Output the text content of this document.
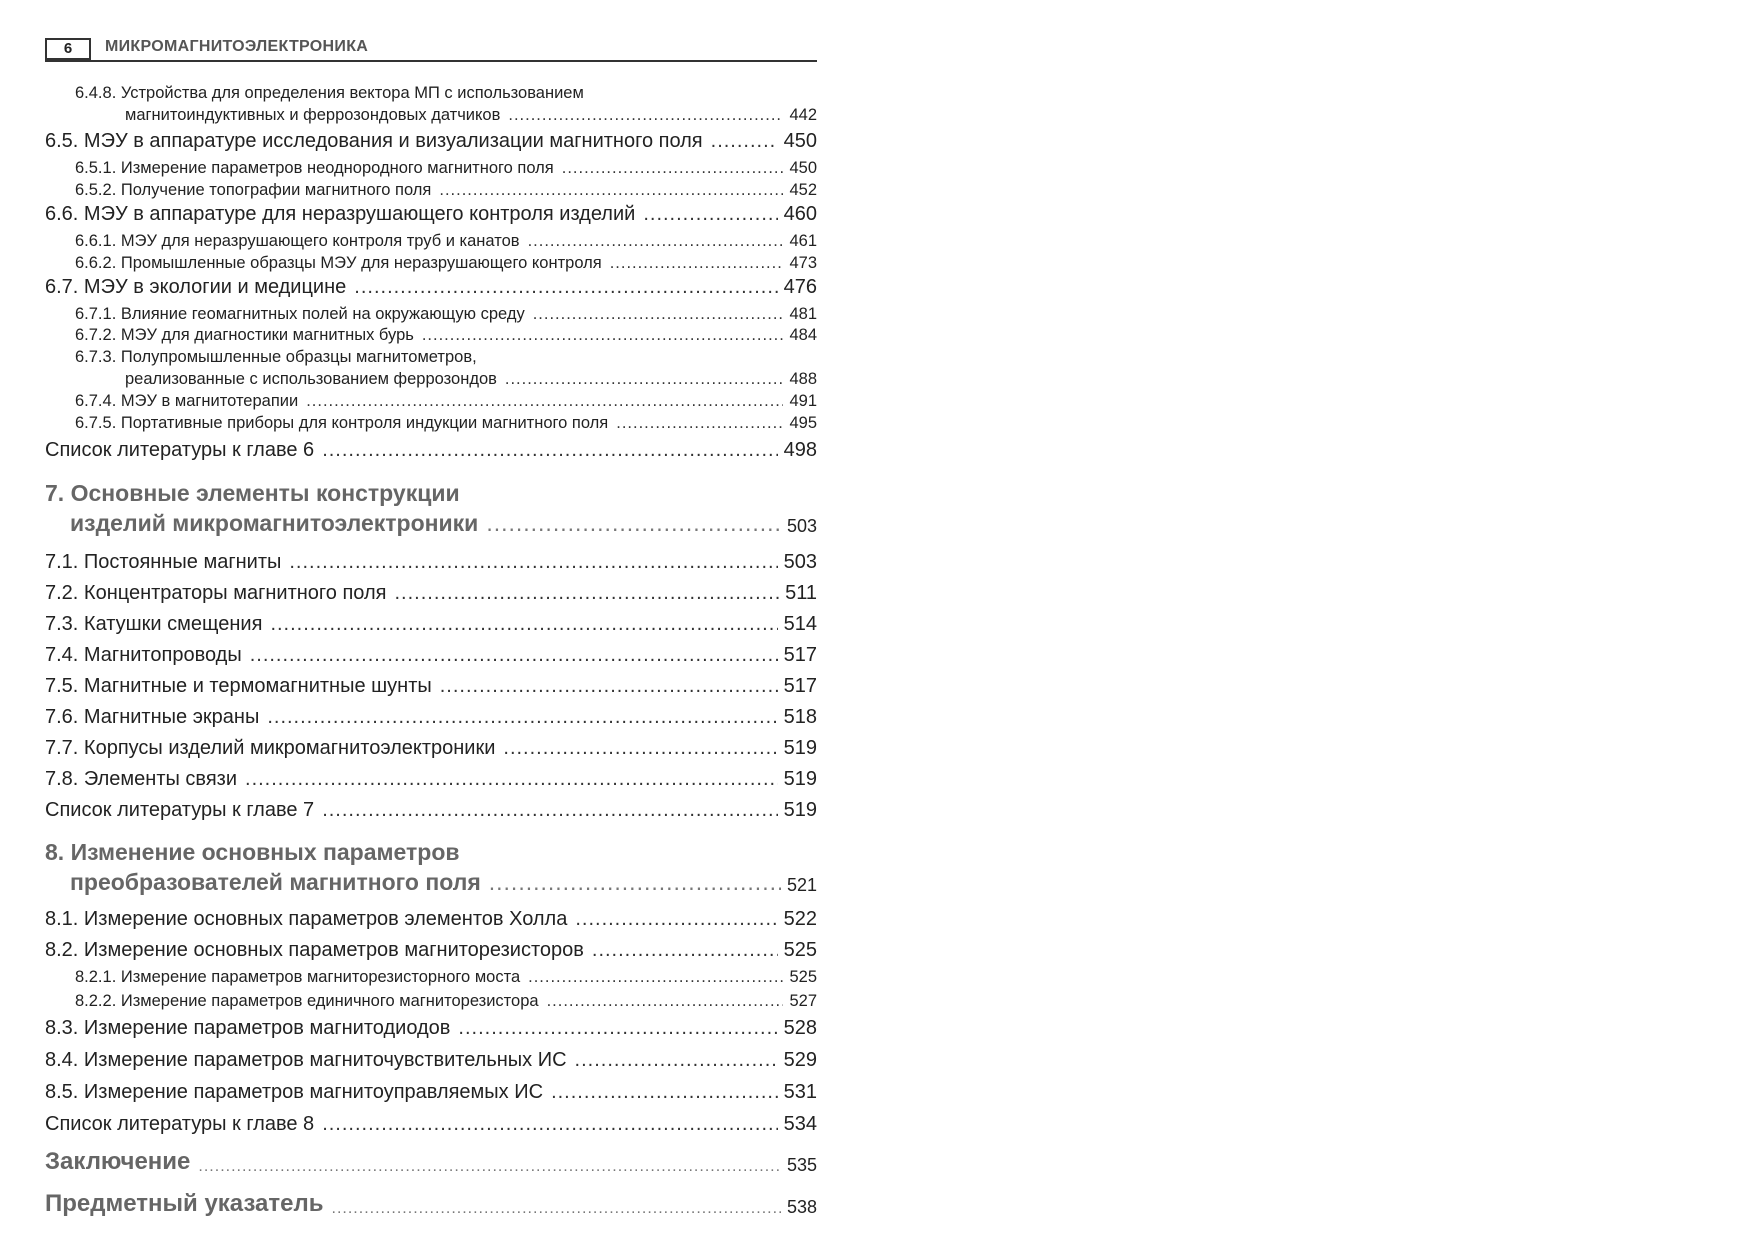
6	МИКРОМАГНИТОЭЛЕКТРОНИКА
6.4.8. Устройства для определения вектора МП с использованием
магнитоиндуктивных и феррозондовых датчиков .....	442
6.5. МЭУ в аппаратуре исследования и визуализации магнитного поля .....	450
6.5.1. Измерение параметров неоднородного магнитного поля .....	450
6.5.2. Получение топографии магнитного поля .....	452
6.6. МЭУ в аппаратуре для неразрушающего контроля изделий .....	460
6.6.1. МЭУ для неразрушающего контроля труб и канатов .....	461
6.6.2. Промышленные образцы МЭУ для неразрушающего контроля .....	473
6.7. МЭУ в экологии и медицине .....	476
6.7.1. Влияние геомагнитных полей на окружающую среду .....	481
6.7.2. МЭУ для диагностики магнитных бурь .....	484
6.7.3. Полупромышленные образцы магнитометров,
реализованные с использованием феррозондов .....	488
6.7.4. МЭУ в магнитотерапии .....	491
6.7.5. Портативные приборы для контроля индукции магнитного поля .....	495
Список литературы к главе 6 .....	498
7. Основные элементы конструкции
изделий микромагнитоэлектроники .....	503
7.1. Постоянные магниты .....	503
7.2. Концентраторы магнитного поля .....	511
7.3. Катушки смещения .....	514
7.4. Магнитопроводы .....	517
7.5. Магнитные и термомагнитные шунты .....	517
7.6. Магнитные экраны .....	518
7.7. Корпусы изделий микромагнитоэлектроники .....	519
7.8. Элементы связи .....	519
Список литературы к главе 7 .....	519
8. Изменение основных параметров
преобразователей магнитного поля .....	521
8.1. Измерение основных параметров элементов Холла .....	522
8.2. Измерение основных параметров магниторезисторов .....	525
8.2.1. Измерение параметров магниторезисторного моста .....	525
8.2.2. Измерение параметров единичного магниторезистора .....	527
8.3. Измерение параметров магнитодиодов .....	528
8.4. Измерение параметров магниточувствительных ИС .....	529
8.5. Измерение параметров магнитоуправляемых ИС .....	531
Список литературы к главе 8 .....	534
Заключение .....	535
Предметный указатель .....	538
